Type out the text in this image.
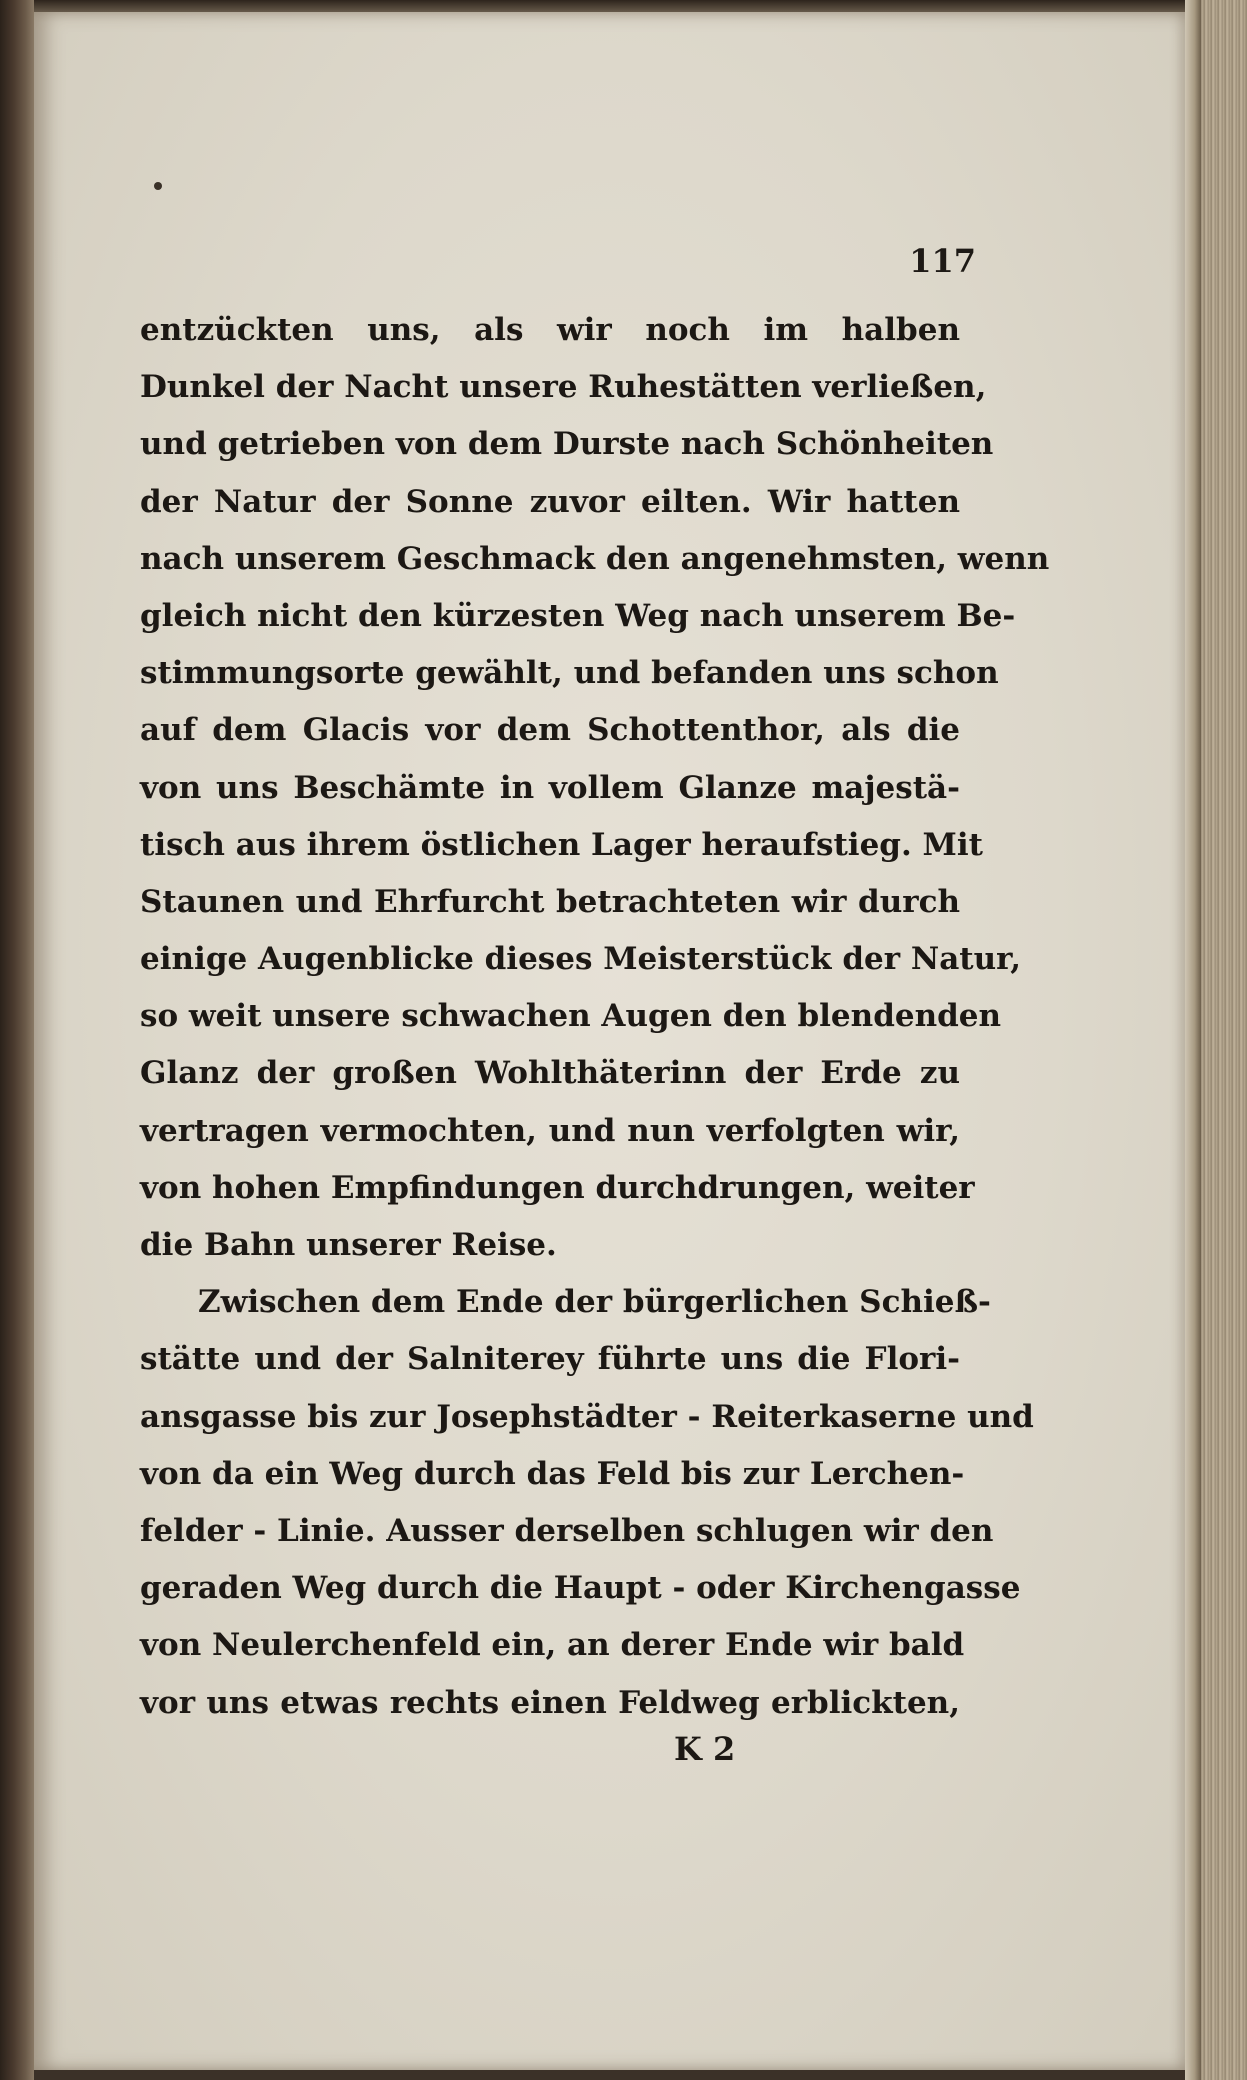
117
entzückten uns, als wir noch im halben
Dunkel der Nacht unsere Ruhestätten verließen,
und getrieben von dem Durste nach Schönheiten
der Natur der Sonne zuvor eilten. Wir hatten
nach unserem Geschmack den angenehmsten, wenn
gleich nicht den kürzesten Weg nach unserem Be-
stimmungsorte gewählt, und befanden uns schon
auf dem Glacis vor dem Schottenthor, als die
von uns Beschämte in vollem Glanze majestä-
tisch aus ihrem östlichen Lager heraufstieg. Mit
Staunen und Ehrfurcht betrachteten wir durch
einige Augenblicke dieses Meisterstück der Natur,
so weit unsere schwachen Augen den blendenden
Glanz der großen Wohlthäterinn der Erde zu
vertragen vermochten, und nun verfolgten wir,
von hohen Empfindungen durchdrungen, weiter
die Bahn unserer Reise.
Zwischen dem Ende der bürgerlichen Schieß-
stätte und der Salniterey führte uns die Flori-
ansgasse bis zur Josephstädter - Reiterkaserne und
von da ein Weg durch das Feld bis zur Lerchen-
felder - Linie. Ausser derselben schlugen wir den
geraden Weg durch die Haupt - oder Kirchengasse
von Neulerchenfeld ein, an derer Ende wir bald
vor uns etwas rechts einen Feldweg erblickten,
K 2
